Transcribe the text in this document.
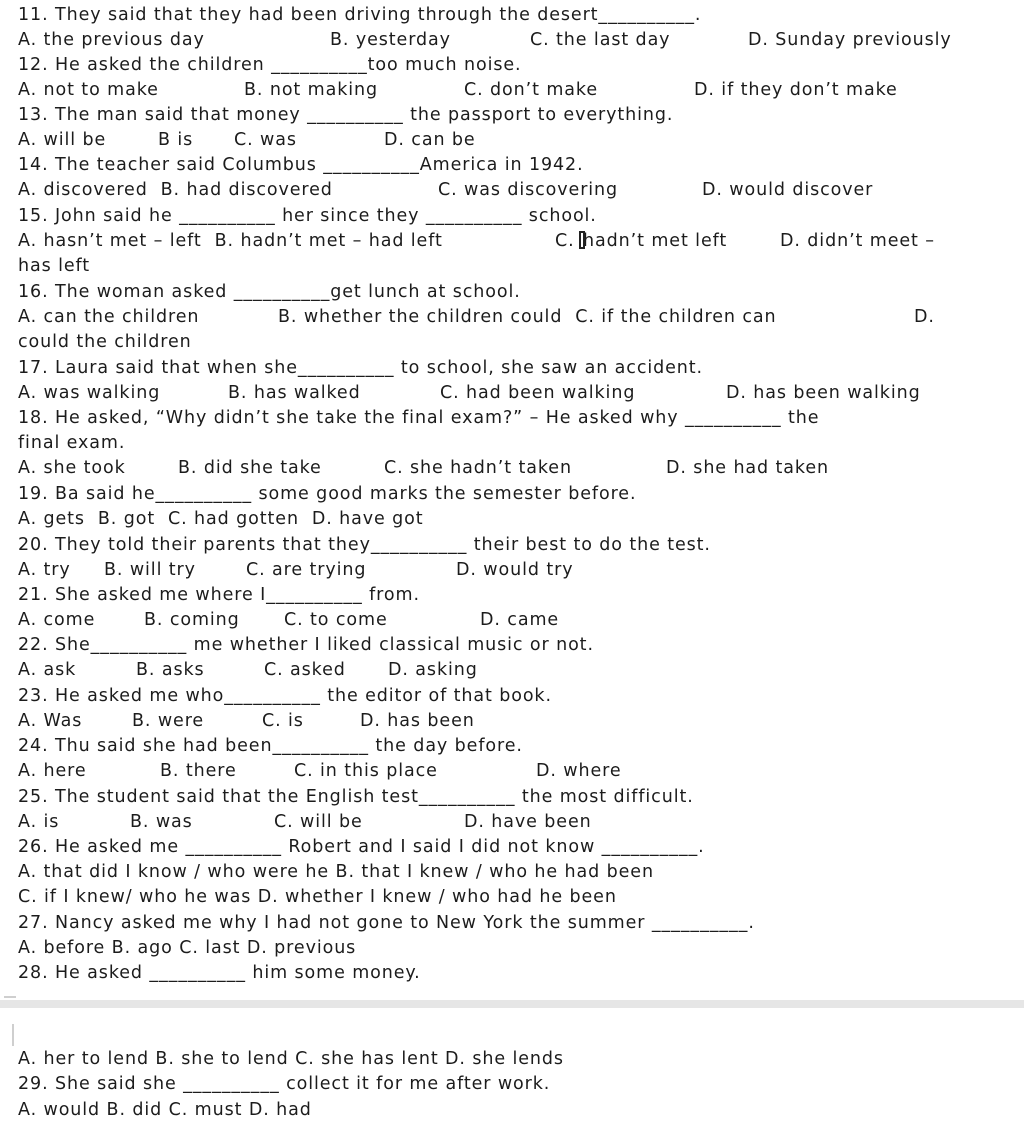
11. They said that they had been driving through the desert__________.
A. the previous day	B. yesterday	C. the last day	D. Sunday previously
12. He asked the children __________too much noise.
A. not to make	B. not making	C. don’t make	D. if they don’t make
13. The man said that money __________ the passport to everything.
A. will be	B is C. was	D. can be
14. The teacher said Columbus __________America in 1942.
A. discovered  B. had discovered	C. was discovering	D. would discover
15. John said he __________ her since they __________ school.
A. hasn’t met – left  B. hadn’t met – had left	C. hadn’t met left	D. didn’t meet –
has left
16. The woman asked __________get lunch at school.
A. can the children	B. whether the children could  C. if the children can	D.
could the children
17. Laura said that when she__________ to school, she saw an accident.
A. was walking	B. has walked	C. had been walking	D. has been walking
18. He asked, “Why didn’t she take the final exam?” – He asked why __________ the
final exam.
A. she took	B. did she take	C. she hadn’t taken	D. she had taken
19. Ba said he__________ some good marks the semester before.
A. gets  B. got  C. had gotten  D. have got
20. They told their parents that they__________ their best to do the test.
A. try B. will try	C. are trying	D. would try
21. She asked me where I__________ from.
A. come	B. coming	C. to come	D. came
22. She__________ me whether I liked classical music or not.
A. ask	B. asks	C. asked D. asking
23. He asked me who__________ the editor of that book.
A. Was	B. were	C. is	D. has been
24. Thu said she had been__________ the day before.
A. here	B. there	C. in this place	D. where
25. The student said that the English test__________ the most difficult.
A. is	B. was	C. will be	D. have been
26. He asked me __________ Robert and I said I did not know __________.
A. that did I know / who were he B. that I knew / who he had been
C. if I knew/ who he was D. whether I knew / who had he been
27. Nancy asked me why I had not gone to New York the summer __________.
A. before B. ago C. last D. previous
28. He asked __________ him some money.
A. her to lend B. she to lend C. she has lent D. she lends
29. She said she __________ collect it for me after work.
A. would B. did C. must D. had
